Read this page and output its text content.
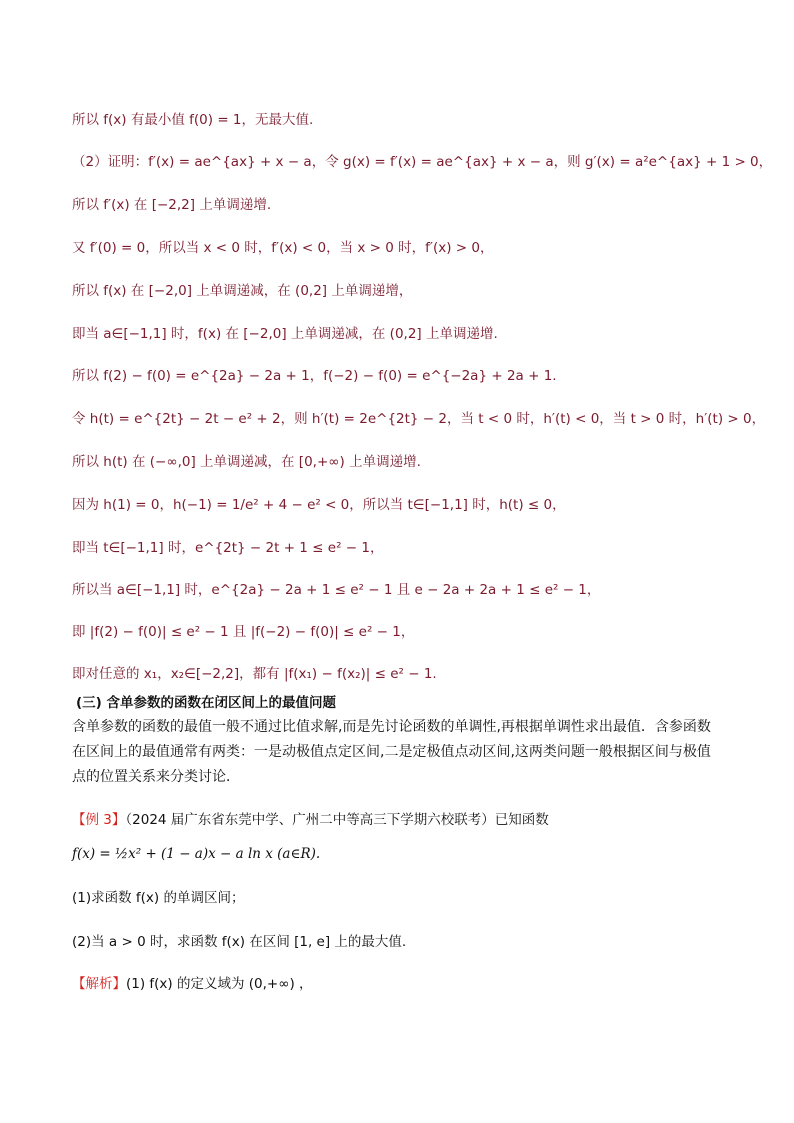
所以 f(x) 有最小值 f(0) = 1，无最大值.
（2）证明：f′(x) = ae^{ax} + x − a，令 g(x) = f′(x) = ae^{ax} + x − a，则 g′(x) = a²e^{ax} + 1 > 0，
所以 f′(x) 在 [−2,2] 上单调递增.
又 f′(0) = 0，所以当 x < 0 时，f′(x) < 0，当 x > 0 时，f′(x) > 0，
所以 f(x) 在 [−2,0] 上单调递减，在 (0,2] 上单调递增，
即当 a∈[−1,1] 时，f(x) 在 [−2,0] 上单调递减，在 (0,2] 上单调递增.
所以 f(2) − f(0) = e^{2a} − 2a + 1，f(−2) − f(0) = e^{−2a} + 2a + 1.
令 h(t) = e^{2t} − 2t − e² + 2，则 h′(t) = 2e^{2t} − 2，当 t < 0 时，h′(t) < 0，当 t > 0 时，h′(t) > 0，
所以 h(t) 在 (−∞,0] 上单调递减，在 [0,+∞) 上单调递增.
因为 h(1) = 0，h(−1) = 1/e² + 4 − e² < 0，所以当 t∈[−1,1] 时，h(t) ≤ 0，
即当 t∈[−1,1] 时，e^{2t} − 2t + 1 ≤ e² − 1，
所以当 a∈[−1,1] 时，e^{2a} − 2a + 1 ≤ e² − 1 且 e − 2a + 2a + 1 ≤ e² − 1，
即 |f(2) − f(0)| ≤ e² − 1 且 |f(−2) − f(0)| ≤ e² − 1，
即对任意的 x₁，x₂∈[−2,2]，都有 |f(x₁) − f(x₂)| ≤ e² − 1.
(三) 含单参数的函数在闭区间上的最值问题
含单参数的函数的最值一般不通过比值求解,而是先讨论函数的单调性,再根据单调性求出最值．含参函数在区间上的最值通常有两类：一是动极值点定区间,二是定极值点动区间,这两类问题一般根据区间与极值点的位置关系来分类讨论．
【例 3】（2024 届广东省东莞中学、广州二中等高三下学期六校联考）已知函数
f(x) = ½x² + (1 − a)x − a ln x (a∈R).
(1)求函数 f(x) 的单调区间；
(2)当 a > 0 时，求函数 f(x) 在区间 [1, e] 上的最大值.
【解析】(1) f(x) 的定义域为 (0,+∞) ，
